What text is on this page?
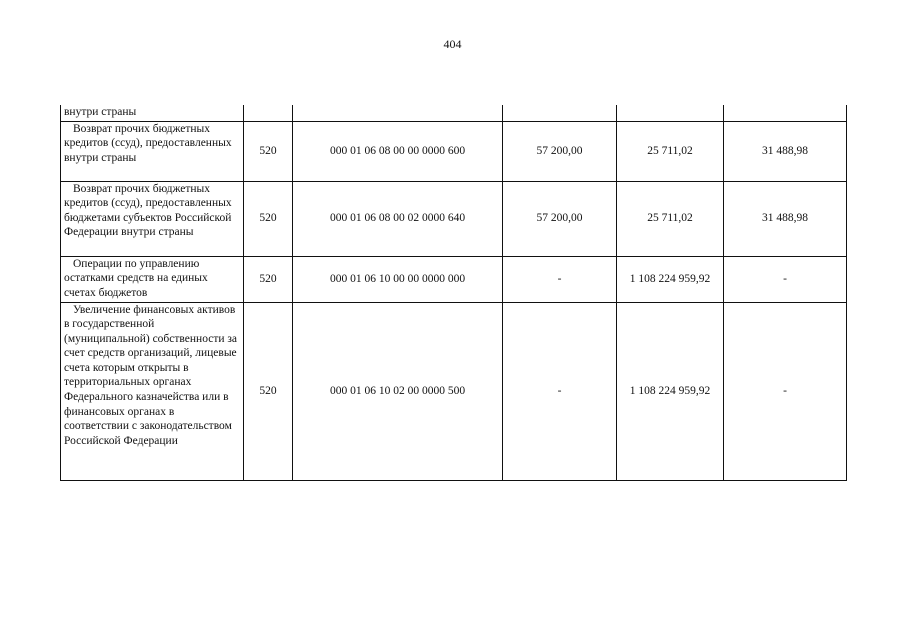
404
внутри страны					

Возврат прочих бюджетных кредитов (ссуд), предоставленных внутри страны	520	000 01 06 08 00 00 0000 600	57 200,00	25 711,02	31 488,98

Возврат прочих бюджетных кредитов (ссуд), предоставленных бюджетами субъектов Российской Федерации внутри страны	520	000 01 06 08 00 02 0000 640	57 200,00	25 711,02	31 488,98

Операции по управлению остатками средств на единых счетах бюджетов	520	000 01 06 10 00 00 0000 000	-	1 108 224 959,92	-

Увеличение финансовых активов в государственной (муниципальной) собственности за счет средств организаций, лицевые счета которым открыты в территориальных органах Федерального казначейства или в финансовых органах в соответствии с законодательством Российской Федерации	520	000 01 06 10 02 00 0000 500	-	1 108 224 959,92	-
